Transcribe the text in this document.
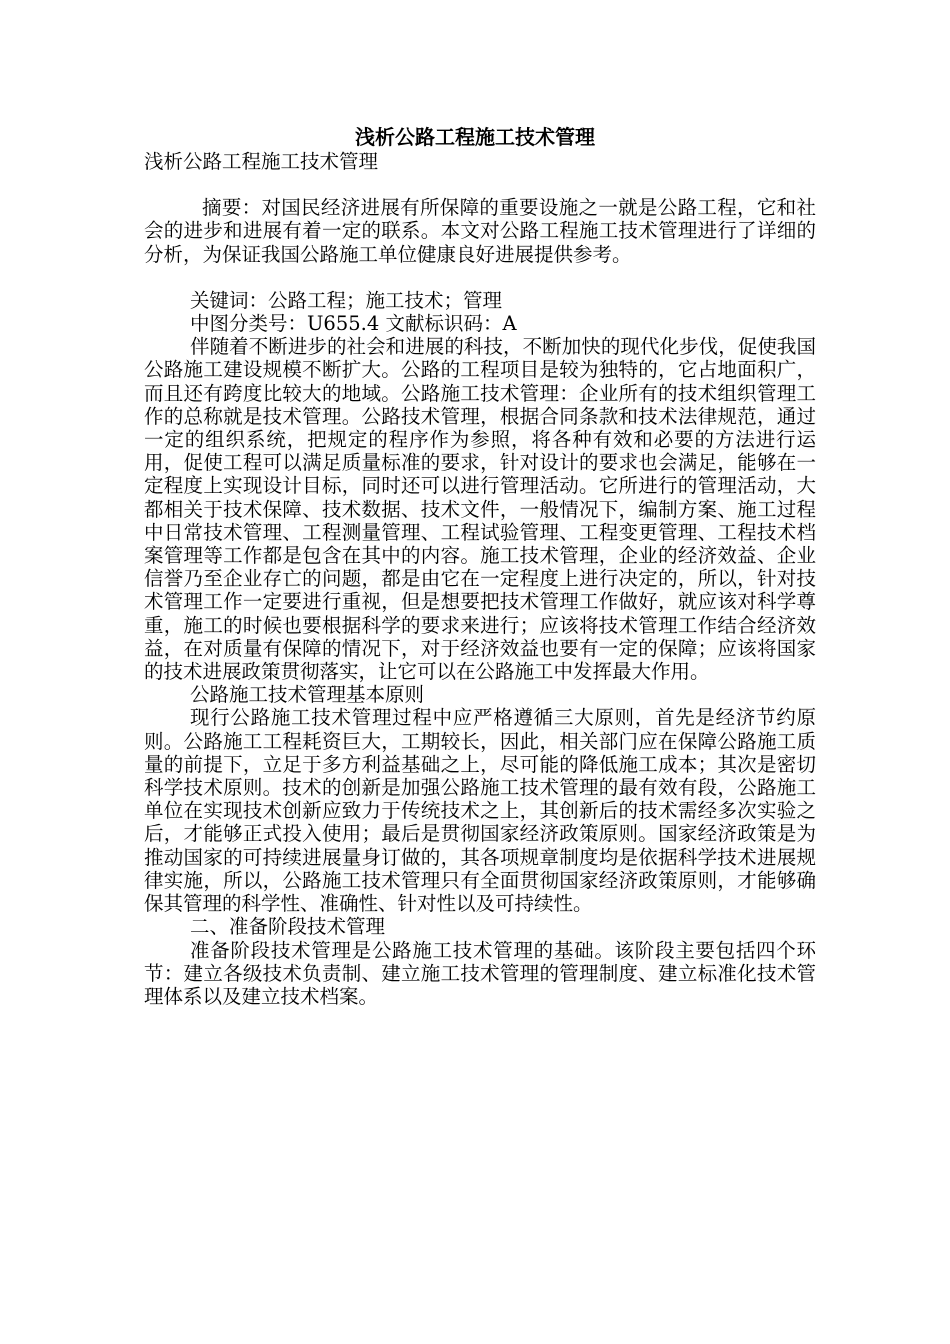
浅析公路工程施工技术管理

浅析公路工程施工技术管理

摘要：对国民经济进展有所保障的重要设施之一就是公路工程，它和社会的进步和进展有着一定的联系。本文对公路工程施工技术管理进行了详细的分析，为保证我国公路施工单位健康良好进展提供参考。

关键词：公路工程；施工技术；管理

中图分类号：U655.4 文献标识码：A

伴随着不断进步的社会和进展的科技，不断加快的现代化步伐，促使我国公路施工建设规模不断扩大。公路的工程项目是较为独特的，它占地面积广，而且还有跨度比较大的地域。公路施工技术管理：企业所有的技术组织管理工作的总称就是技术管理。公路技术管理，根据合同条款和技术法律规范，通过一定的组织系统，把规定的程序作为参照，将各种有效和必要的方法进行运用，促使工程可以满足质量标准的要求，针对设计的要求也会满足，能够在一定程度上实现设计目标，同时还可以进行管理活动。它所进行的管理活动，大都相关于技术保障、技术数据、技术文件，一般情况下，编制方案、施工过程中日常技术管理、工程测量管理、工程试验管理、工程变更管理、工程技术档案管理等工作都是包含在其中的内容。施工技术管理，企业的经济效益、企业信誉乃至企业存亡的问题，都是由它在一定程度上进行决定的，所以，针对技术管理工作一定要进行重视，但是想要把技术管理工作做好，就应该对科学尊重，施工的时候也要根据科学的要求来进行；应该将技术管理工作结合经济效益，在对质量有保障的情况下，对于经济效益也要有一定的保障；应该将国家的技术进展政策贯彻落实，让它可以在公路施工中发挥最大作用。

公路施工技术管理基本原则

现行公路施工技术管理过程中应严格遵循三大原则，首先是经济节约原则。公路施工工程耗资巨大，工期较长，因此，相关部门应在保障公路施工质量的前提下，立足于多方利益基础之上，尽可能的降低施工成本；其次是密切科学技术原则。技术的创新是加强公路施工技术管理的最有效有段，公路施工单位在实现技术创新应致力于传统技术之上，其创新后的技术需经多次实验之后，才能够正式投入使用；最后是贯彻国家经济政策原则。国家经济政策是为推动国家的可持续进展量身订做的，其各项规章制度均是依据科学技术进展规律实施，所以，公路施工技术管理只有全面贯彻国家经济政策原则，才能够确保其管理的科学性、准确性、针对性以及可持续性。

二、准备阶段技术管理

准备阶段技术管理是公路施工技术管理的基础。该阶段主要包括四个环节：建立各级技术负责制、建立施工技术管理的管理制度、建立标准化技术管理体系以及建立技术档案。
